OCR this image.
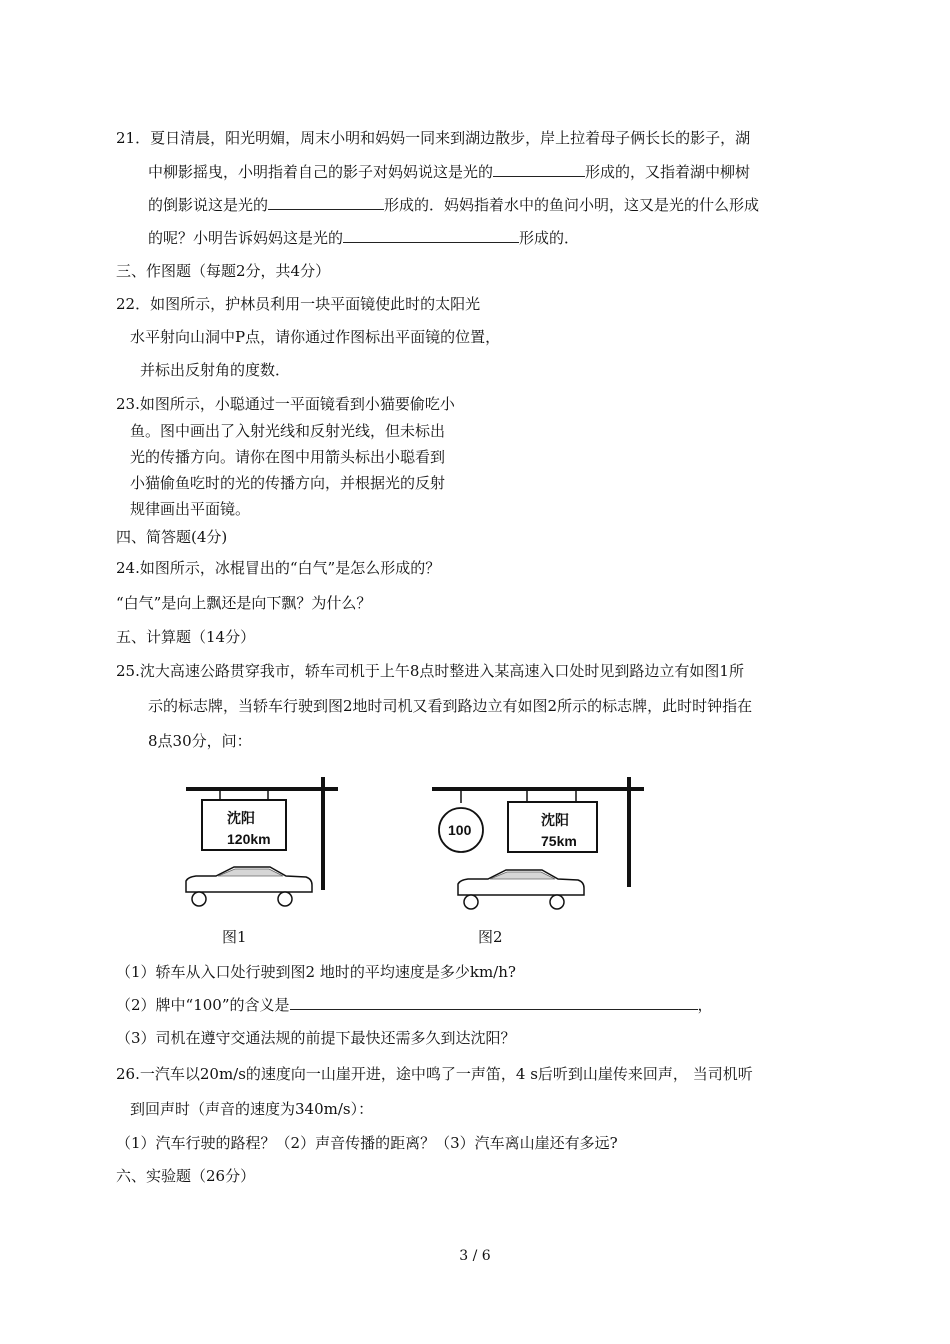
21．夏日清晨，阳光明媚，周末小明和妈妈一同来到湖边散步，岸上拉着母子俩长长的影子，湖
中柳影摇曳，小明指着自己的影子对妈妈说这是光的	形成的，又指着湖中柳树
的倒影说这是光的	形成的．妈妈指着水中的鱼问小明，这又是光的什么形成
的呢？小明告诉妈妈这是光的	形成的．
三、作图题（每题2分，共4分）
22．如图所示，护林员利用一块平面镜使此时的太阳光
水平射向山洞中P点，请你通过作图标出平面镜的位置，
并标出反射角的度数．
23.如图所示，小聪通过一平面镜看到小猫要偷吃小
鱼。图中画出了入射光线和反射光线，但未标出
光的传播方向。请你在图中用箭头标出小聪看到
小猫偷鱼吃时的光的传播方向，并根据光的反射
规律画出平面镜。
四、简答题(4分)
24.如图所示，冰棍冒出的“白气”是怎么形成的？
“白气”是向上飘还是向下飘？为什么？
五、计算题（14分）
25.沈大高速公路贯穿我市，轿车司机于上午8点时整进入某高速入口处时见到路边立有如图1所
示的标志牌，当轿车行驶到图2地时司机又看到路边立有如图2所示的标志牌，此时时钟指在
8点30分，问：
沈阳
120km
图1
100
沈阳
75km
图2
（1）轿车从入口处行驶到图2 地时的平均速度是多少km/h?
（2）牌中“100”的含义是	，
（3）司机在遵守交通法规的前提下最快还需多久到达沈阳？
26.一汽车以20m/s的速度向一山崖开进，途中鸣了一声笛，4 s后听到山崖传来回声， 当司机听
到回声时（声音的速度为340m/s）：
（1）汽车行驶的路程？（2）声音传播的距离？（3）汽车离山崖还有多远?
六、实验题（26分）
3 / 6
